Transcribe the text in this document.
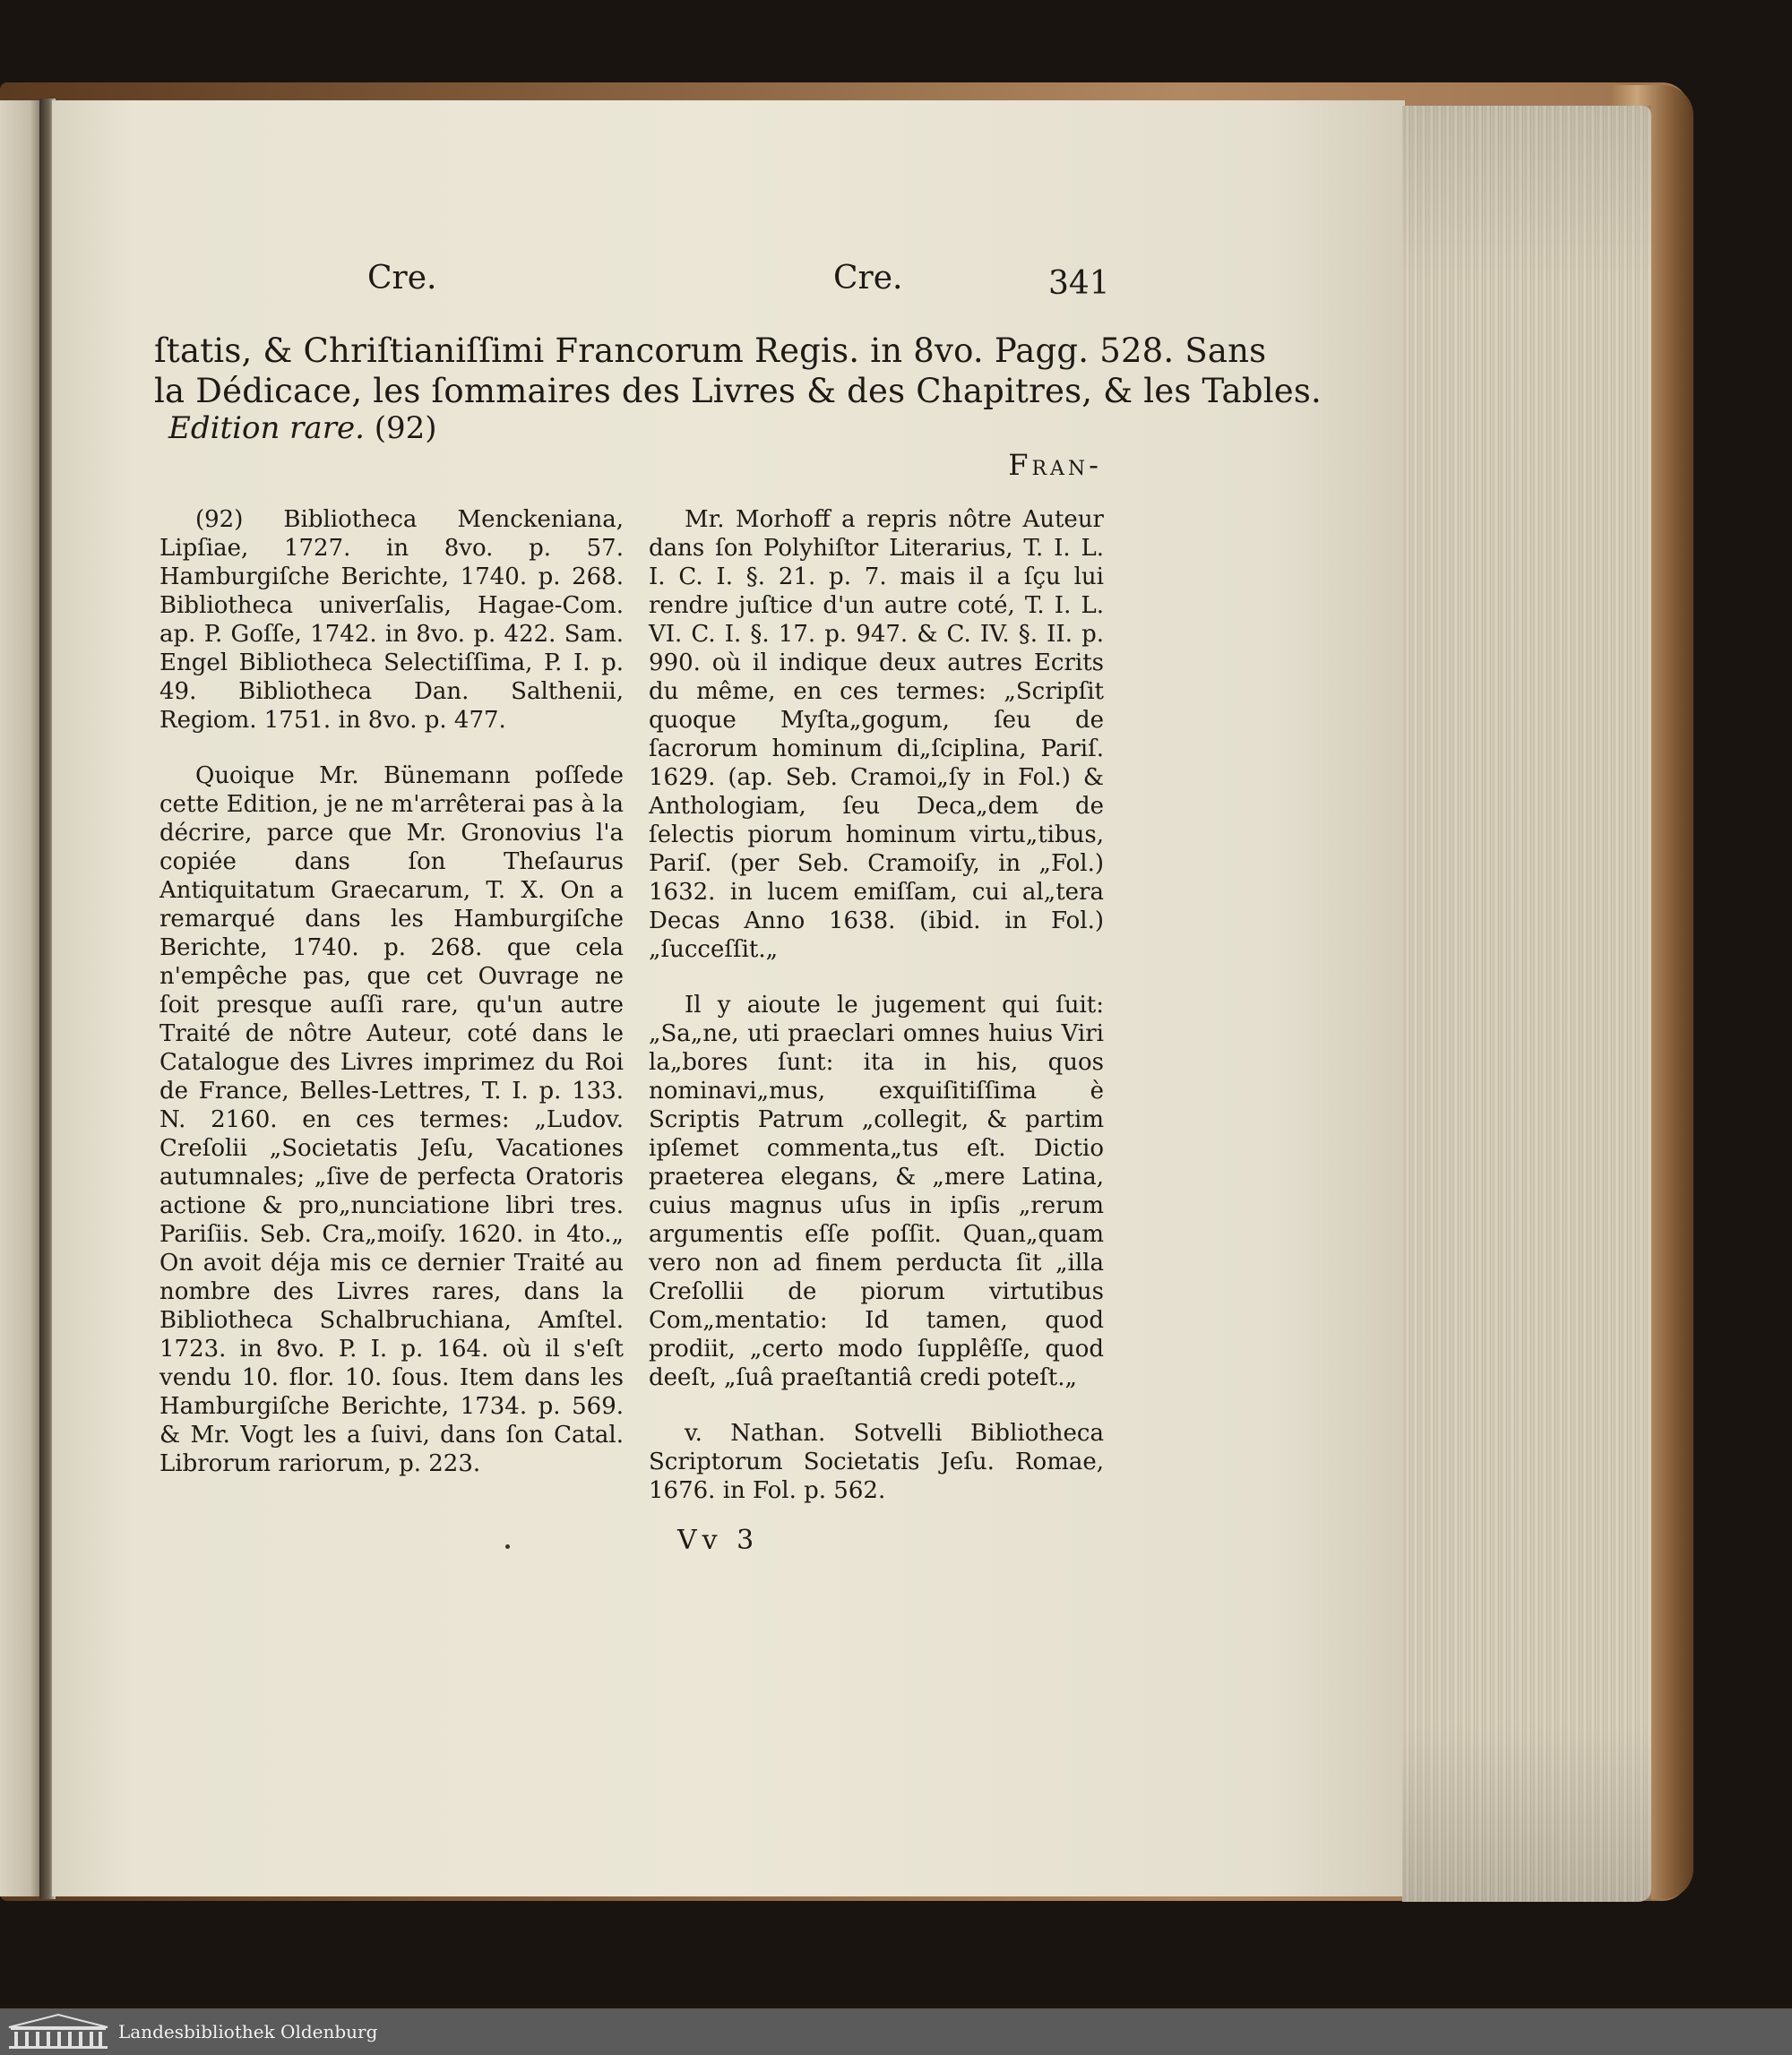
Cre.	Cre.	341
ſtatis, & Chriſtianiſſimi Francorum Regis. in 8vo. Pagg. 528. Sans
la Dédicace, les ſommaires des Livres & des Chapitres, & les Tables.
Edition rare. (92)
Fran-

(92) Bibliotheca Menckeniana, Lipſiae, 1727. in 8vo. p. 57. Hamburgiſche Berichte, 1740. p. 268. Bibliotheca univerſalis, Hagae-Com. ap. P. Goſſe, 1742. in 8vo. p. 422. Sam. Engel Bibliotheca Selectiſſima, P. I. p. 49. Bibliotheca Dan. Salthenii, Regiom. 1751. in 8vo. p. 477.

Quoique Mr. Bünemann poſſede cette Edition, je ne m'arrêterai pas à la décrire, parce que Mr. Gronovius l'a copiée dans ſon Theſaurus Antiquitatum Graecarum, T. X. On a remarqué dans les Hamburgiſche Berichte, 1740. p. 268. que cela n'empêche pas, que cet Ouvrage ne ſoit presque auſſi rare, qu'un autre Traité de nôtre Auteur, coté dans le Catalogue des Livres imprimez du Roi de France, Belles-Lettres, T. I. p. 133. N. 2160. en ces termes: „Ludov. Creſolii „Societatis Jeſu, Vacationes autumnales; „ſive de perfecta Oratoris actione & pro„nunciatione libri tres. Pariſiis. Seb. Cra„moiſy. 1620. in 4to.„ On avoit déja mis ce dernier Traité au nombre des Livres rares, dans la Bibliotheca Schalbruchiana, Amſtel. 1723. in 8vo. P. I. p. 164. où il s'eſt vendu 10. flor. 10. ſous. Item dans les Hamburgiſche Berichte, 1734. p. 569. & Mr. Vogt les a ſuivi, dans ſon Catal. Librorum rariorum, p. 223.

Mr. Morhoff a repris nôtre Auteur dans ſon Polyhiſtor Literarius, T. I. L. I. C. I. §. 21. p. 7. mais il a ſçu lui rendre juſtice d'un autre coté, T. I. L. VI. C. I. §. 17. p. 947. & C. IV. §. II. p. 990. où il indique deux autres Ecrits du même, en ces termes: „Scripſit quoque Myſta„gogum, ſeu de ſacrorum hominum di„ſciplina, Pariſ. 1629. (ap. Seb. Cramoi„ſy in Fol.) & Anthologiam, ſeu Deca„dem de ſelectis piorum hominum virtu„tibus, Pariſ. (per Seb. Cramoiſy, in „Fol.) 1632. in lucem emiſſam, cui al„tera Decas Anno 1638. (ibid. in Fol.) „ſucceſſit.„

Il y aioute le jugement qui ſuit: „Sa„ne, uti praeclari omnes huius Viri la„bores ſunt: ita in his, quos nominavi„mus, exquiſitiſſima è Scriptis Patrum „collegit, & partim ipſemet commenta„tus eſt. Dictio praeterea elegans, & „mere Latina, cuius magnus uſus in ipſis „rerum argumentis eſſe poſſit. Quan„quam vero non ad finem perducta ſit „illa Creſollii de piorum virtutibus Com„mentatio: Id tamen, quod prodiit, „certo modo ſupplêſſe, quod deeſt, „ſuâ praeſtantiâ credi poteſt.„

v. Nathan. Sotvelli Bibliotheca Scriptorum Societatis Jeſu. Romae, 1676. in Fol. p. 562.

Vv 3
Landesbibliothek Oldenburg
